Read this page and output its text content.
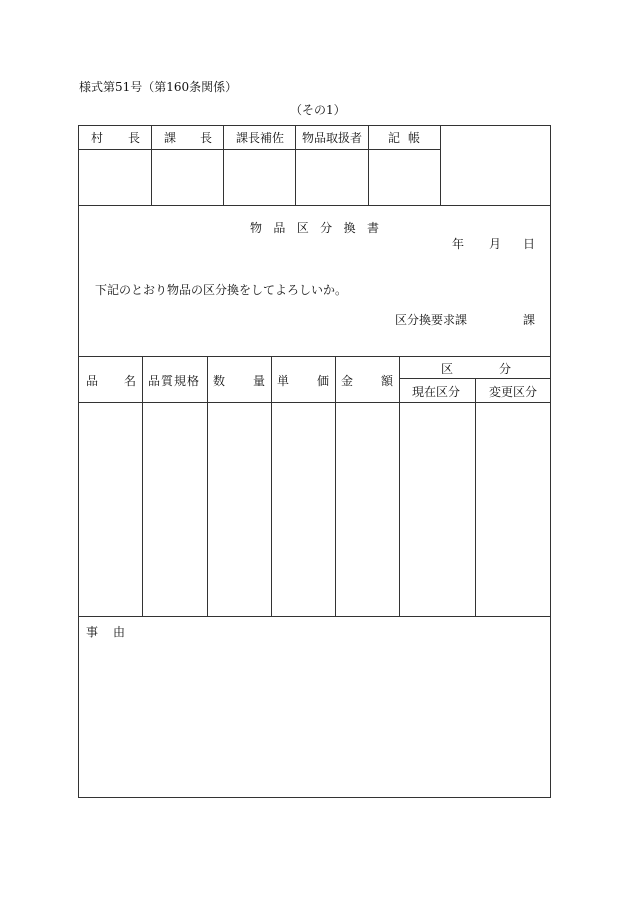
様式第51号（第160条関係）
（その1）
村 長 課 長 課長補佐 物品取扱者 記 帳
物 品 区 分 換 書
年 月 日
下記のとおり物品の区分換をしてよろしいか。
区分換要求課	課
品 名 品質規格 数 量 単 価 金 額
区	分
現在区分 変更区分
事 由
